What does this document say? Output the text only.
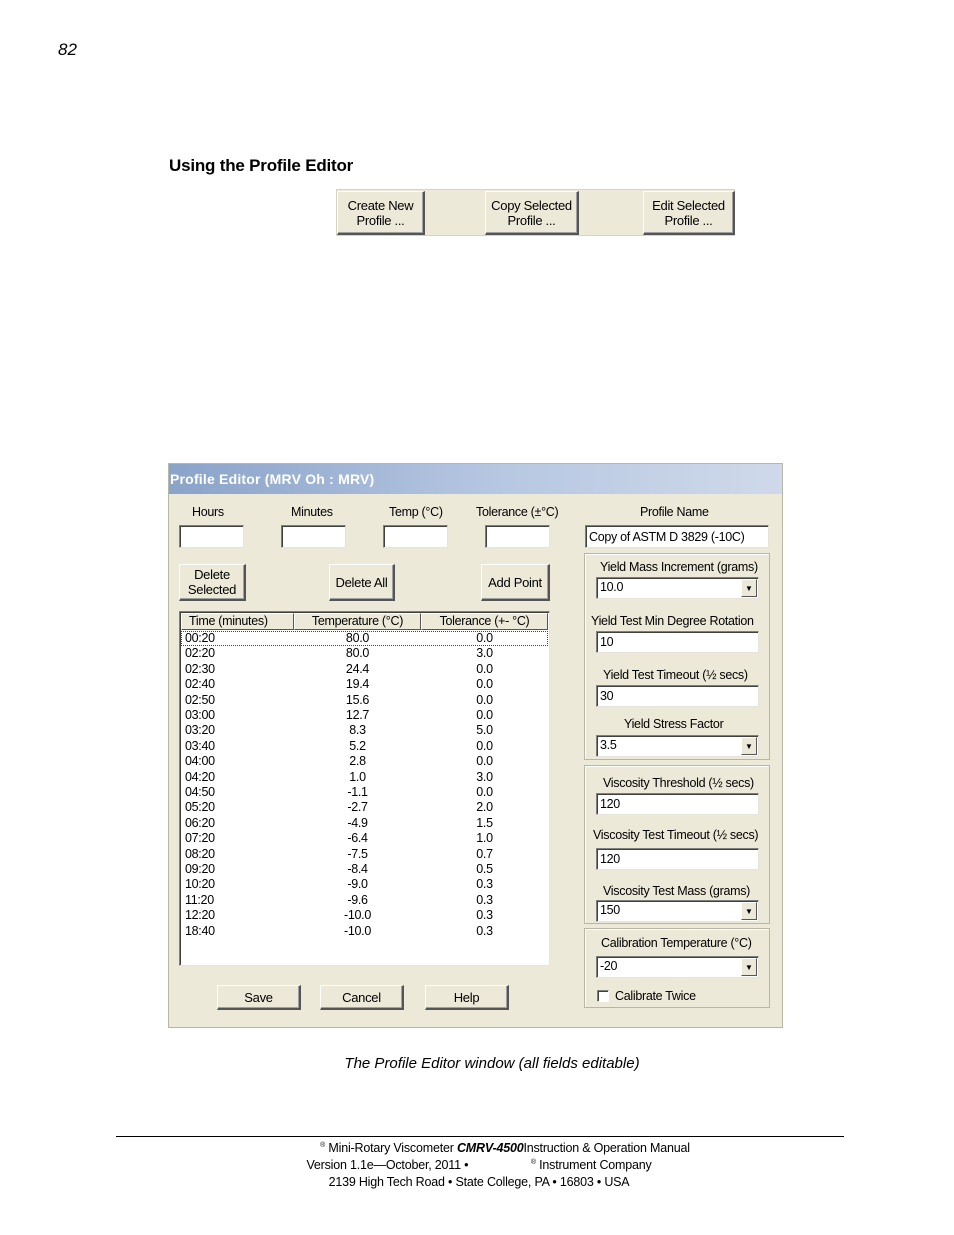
82
Using the Profile Editor
Create New
Profile ...
Copy Selected
Profile ...
Edit Selected
Profile ...
Profile Editor (MRV Oh : MRV)
Hours	Minutes	Temp (°C)	Tolerance (±°C)
Delete
Selected	Delete All	Add Point
Time (minutes)	Temperature (°C)	Tolerance (+- °C)
00:20	80.0	0.0
02:20	80.0	3.0
02:30	24.4	0.0
02:40	19.4	0.0
02:50	15.6	0.0
03:00	12.7	0.0
03:20	8.3	5.0
03:40	5.2	0.0
04:00	2.8	0.0
04:20	1.0	3.0
04:50	-1.1	0.0
05:20	-2.7	2.0
06:20	-4.9	1.5
07:20	-6.4	1.0
08:20	-7.5	0.7
09:20	-8.4	0.5
10:20	-9.0	0.3
11:20	-9.6	0.3
12:20	-10.0	0.3
18:40	-10.0	0.3
Profile Name
Copy of ASTM D 3829 (-10C)
Yield Mass Increment (grams)
10.0	▼
Yield Test Min Degree Rotation
10
Yield Test Timeout (½ secs)
30
Yield Stress Factor
3.5	▼
Viscosity Threshold (½ secs)
120
Viscosity Test Timeout (½ secs)
120
Viscosity Test Mass (grams)
150	▼
Calibration Temperature (°C)
-20	▼
Calibrate Twice
Save	Cancel	Help
The Profile Editor window (all fields editable)
® Mini-Rotary Viscometer CMRV-4500Instruction & Operation Manual
Version 1.1e—October, 2011 •	® Instrument Company
2139 High Tech Road • State College, PA • 16803 • USA
